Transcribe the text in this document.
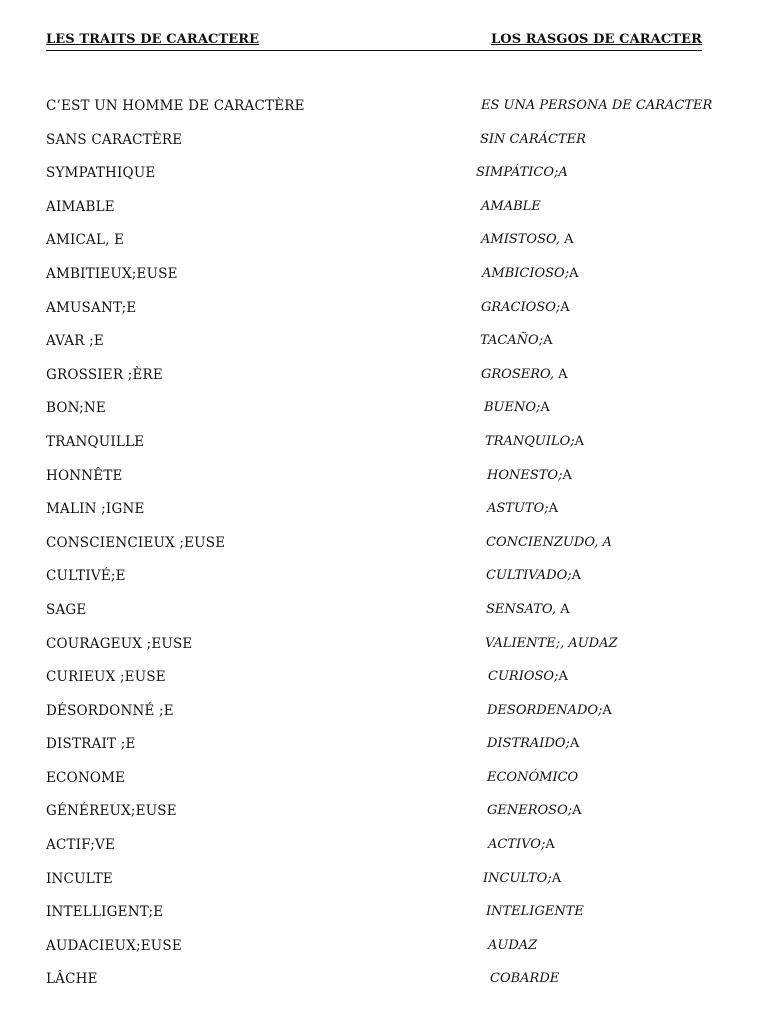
LES TRAITS DE CARACTERE	LOS RASGOS DE CARACTER
C’EST UN HOMME DE CARACTÈRE	ES UNA PERSONA DE CARACTER
SANS CARACTÈRE	SIN CARÁCTER
SYMPATHIQUE	SIMPÁTICO;A
AIMABLE	AMABLE
AMICAL, E	AMISTOSO, A
AMBITIEUX;EUSE	AMBICIOSO;A
AMUSANT;E	GRACIOSO;A
AVAR ;E	TACAÑO;A
GROSSIER ;ÈRE	GROSERO, A
BON;NE	BUENO;A
TRANQUILLE	TRANQUILO;A
HONNÊTE	HONESTO;A
MALIN ;IGNE	ASTUTO;A
CONSCIENCIEUX ;EUSE	CONCIENZUDO, A
CULTIVÉ;E	CULTIVADO;A
SAGE	SENSATO, A
COURAGEUX ;EUSE	VALIENTE;, AUDAZ
CURIEUX ;EUSE	CURIOSO;A
DÉSORDONNÉ ;E	DESORDENADO;A
DISTRAIT ;E	DISTRAIDO;A
ECONOME	ECONÓMICO
GÉNÉREUX;EUSE	GENEROSO;A
ACTIF;VE	ACTIVO;A
INCULTE	INCULTO;A
INTELLIGENT;E	INTELIGENTE
AUDACIEUX;EUSE	AUDAZ
LÂCHE	COBARDE
